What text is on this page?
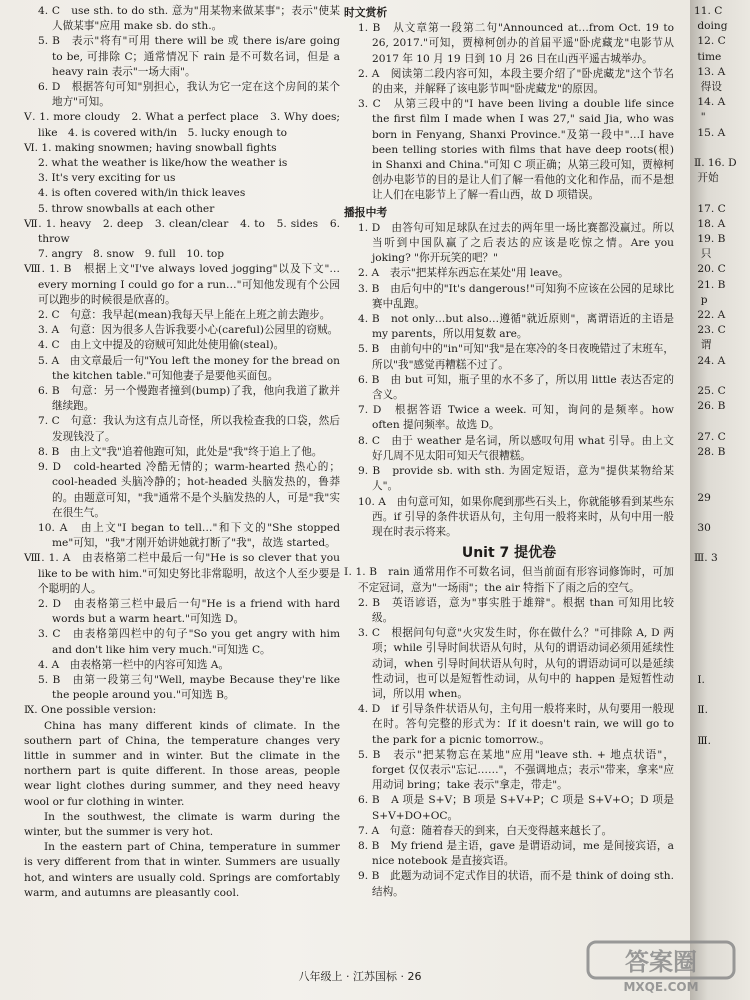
4. C　use sth. to do sth. 意为"用某物来做某事"；表示"使某人做某事"应用 make sb. do sth.。
5. B　表示"将有"可用 there will be 或 there is/are going to be, 可排除 C；通常情况下 rain 是不可数名词，但是 a heavy rain 表示"一场大雨"。
6. D　根据答句可知"别担心，我认为它一定在这个房间的某个地方"可知。
Ⅴ. 1. more cloudy　2. What a perfect place　3. Why does; like　4. is covered with/in　5. lucky enough to
Ⅵ. 1. making snowmen; having snowball fights
2. what the weather is like/how the weather is
3. It's very exciting for us
4. is often covered with/in thick leaves
5. throw snowballs at each other
Ⅶ. 1. heavy　2. deep　3. clean/clear　4. to　5. sides　6. throw
7. angry　8. snow　9. full　10. top
Ⅷ. 1. B　根据上文"I've always loved jogging"以及下文"… every morning I could go for a run…"可知他发现有个公园可以跑步的时候很是欣喜的。
2. C　句意：我早起(mean)我每天早上能在上班之前去跑步。
3. A　句意：因为很多人告诉我要小心(careful)公园里的窃贼。
4. C　由上文中提及的窃贼可知此处使用偷(steal)。
5. A　由文章最后一句"You left the money for the bread on the kitchen table."可知他妻子是要他买面包。
6. B　句意：另一个慢跑者撞到(bump)了我，他向我道了歉并继续跑。
7. C　句意：我认为这有点儿奇怪，所以我检查我的口袋，然后发现钱没了。
8. B　由上文"我"追着他跑可知，此处是"我"终于追上了他。
9. D　cold-hearted 冷酷无情的；warm-hearted 热心的；cool-headed 头脑冷静的；hot-headed 头脑发热的，鲁莽的。由题意可知，"我"通常不是个头脑发热的人，可是"我"实在很生气。
10. A　由上文"I began to tell…"和下文的"She stopped me"可知，"我"才刚开始讲她就打断了"我"，故选 started。
Ⅷ. 1. A　由表格第二栏中最后一句"He is so clever that you like to be with him."可知史努比非常聪明，故这个人至少要是个聪明的人。
2. D　由表格第三栏中最后一句"He is a friend with hard words but a warm heart."可知选 D。
3. C　由表格第四栏中的句子"So you get angry with him and don't like him very much."可知选 C。
4. A　由表格第一栏中的内容可知选 A。
5. B　由第一段第三句"Well, maybe Because they're like the people around you."可知选 B。
Ⅸ. One possible version:
China has many different kinds of climate. In the southern part of China, the temperature changes very little in summer and in winter. But the climate in the northern part is quite different. In those areas, people wear light clothes during summer, and they need heavy wool or fur clothing in winter.
In the southwest, the climate is warm during the winter, but the summer is very hot.
In the eastern part of China, temperature in summer is very different from that in winter. Summers are usually hot, and winters are usually cold. Springs are comfortably warm, and autumns are pleasantly cool.
时文赏析
1. B　从文章第一段第二句"Announced at…from Oct. 19 to 26, 2017."可知，贾樟柯创办的首届平遥"卧虎藏龙"电影节从 2017 年 10 月 19 日到 10 月 26 日在山西平遥古城举办。
2. A　阅读第二段内容可知，本段主要介绍了"卧虎藏龙"这个节名的由来，并解释了该电影节叫"卧虎藏龙"的原因。
3. C　从第三段中的"I have been living a double life since the first film I made when I was 27," said Jia, who was born in Fenyang, Shanxi Province."及第一段中"…I have been telling stories with films that have deep roots(根) in Shanxi and China."可知 C 项正确；从第三段可知，贾樟柯创办电影节的目的是让人们了解一看他的文化和作品，而不是想让人们在电影节上了解一看山西，故 D 项错误。
播报中考
1. D　由答句可知足球队在过去的两年里一场比赛都没赢过。所以当听到中国队赢了之后表达的应该是吃惊之情。Are you joking? "你开玩笑的吧？"
2. A　表示"把某样东西忘在某处"用 leave。
3. B　由后句中的"It's dangerous!"可知狗不应该在公园的足球比赛中乱跑。
4. B　not only…but also…遵循"就近原则"，离谓语近的主语是 my parents，所以用复数 are。
5. B　由前句中的"in"可知"我"是在寒冷的冬日夜晚错过了末班车，所以"我"感觉再糟糕不过了。
6. B　由 but 可知，瓶子里的水不多了，所以用 little 表达否定的含义。
7. D　根据答语 Twice a week. 可知，询问的是频率。how often 提问频率。故选 D。
8. C　由于 weather 是名词，所以感叹句用 what 引导。由上文好几周不见太阳可知天气很糟糕。
9. B　provide sb. with sth. 为固定短语，意为"提供某物给某人"。
10. A　由句意可知，如果你爬到那些石头上，你就能够看到某些东西。if 引导的条件状语从句，主句用一般将来时，从句中用一般现在时表示将来。
Unit 7 提优卷
Ⅰ. 1. B　rain 通常用作不可数名词，但当前面有形容词修饰时，可加不定冠词，意为"一场雨"；the air 特指下了雨之后的空气。
2. B　英语谚语，意为"事实胜于雄辩"。根据 than 可知用比较级。
3. C　根据问句句意"火灾发生时，你在做什么？"可排除 A, D 两项；while 引导时间状语从句时，从句的谓语动词必须用延续性动词，when 引导时间状语从句时，从句的谓语动词可以是延续性动词，也可以是短暂性动词，从句中的 happen 是短暂性动词，所以用 when。
4. D　if 引导条件状语从句，主句用一般将来时，从句要用一般现在时。答句完整的形式为：If it doesn't rain, we will go to the park for a picnic tomorrow.。
5. B　表示"把某物忘在某地"应用"leave sth. + 地点状语"，forget 仅仅表示"忘记……"，不强调地点；表示"带来，拿来"应用动词 bring；take 表示"拿走，带走"。
6. B　A 项是 S+V；B 项是 S+V+P；C 项是 S+V+O；D 项是 S+V+DO+OC。
7. A　句意：随着春天的到来，白天变得越来越长了。
8. B　My friend 是主语，gave 是谓语动词，me 是间接宾语，a nice notebook 是直接宾语。
9. B　此题为动词不定式作目的状语，而不是 think of doing sth. 结构。
八年级上 · 江苏国标 · 26
11. C
doing
12. C
time
13. A
得设
14. A
"
15. A

Ⅱ. 16. D
开始

17. C
18. A
19. B
只
20. C
21. B
p
22. A
23. C
谓
24. A

25. C
26. B

27. C
28. B

29

30

Ⅲ. 3

Ⅰ.

Ⅱ.

Ⅲ.
答案圈
MXQE.COM
